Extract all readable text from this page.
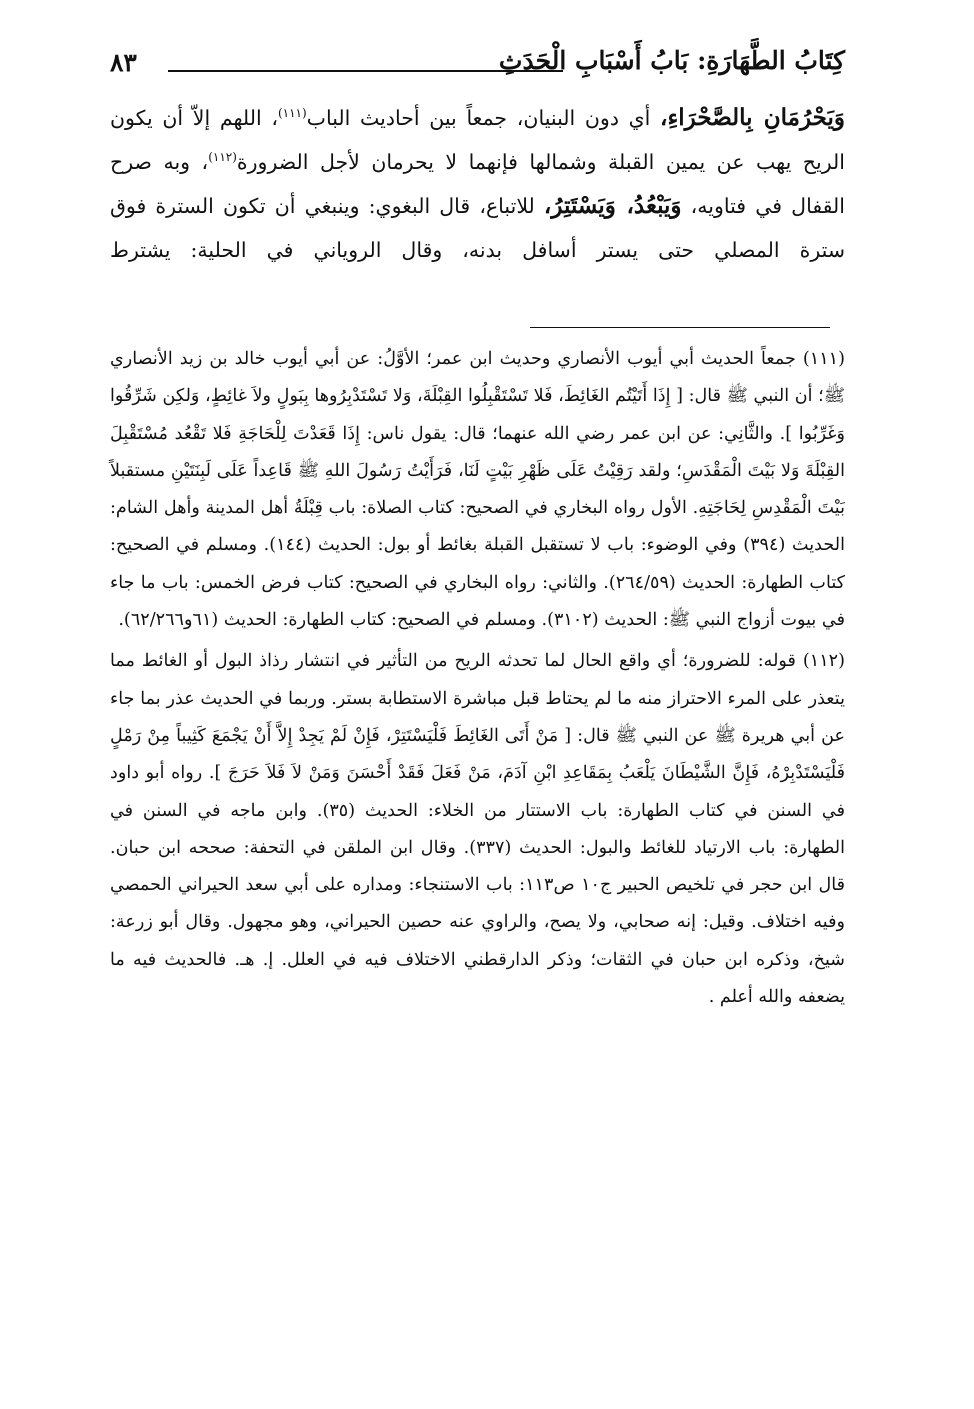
كِتَابُ الطَّهَارَةِ: بَابُ أَسْبَابِ الْحَدَثِ
٨٣

وَيَحْرُمَانِ بِالصَّحْرَاءِ، أي دون البنيان، جمعاً بين أحاديث الباب$^{(١١١)}$، اللهم إلاّ أن يكون الريح يهب عن يمين القبلة وشمالها فإنهما لا يحرمان لأجل الضرورة$^{(١١٢)}$، وبه صرح القفال في فتاويه، وَيَبْعُدُ، وَيَسْتَتِرُ، للاتباع، قال البغوي: وينبغي أن تكون السترة فوق سترة المصلي حتى يستر أسافل بدنه، وقال الروياني في الحلية: يشترط

(١١١) جمعاً الحديث أبي أيوب الأنصاري وحديث ابن عمر؛ الأوَّلُ: عن أبي أيوب خالد بن زيد الأنصاري ﷺ؛ أن النبي ﷺ قال: [ إِذَا أَتَيْتُم الغَائِطَ، فَلا تَسْتَقْبِلُوا القِبْلَةَ، وَلا تَسْتَدْبِرُوها بِبَولٍ ولاَ غائِطٍ، وَلكِن شَرِّقُوا وَغَرِّبُوا ]. والثَّانِي: عن ابن عمر رضي الله عنهما؛ قال: يقول ناس: إِذَا قَعَدْتَ لِلْحَاجَةِ فَلا تَقْعُد مُسْتَقْبِلَ القِبْلَةَ وَلا بَيْتَ الْمَقْدَسِ؛ ولقد رَقِيْتُ عَلَى ظَهْرِ بَيْتٍ لَنَا، فَرَأَيْتُ رَسُولَ اللهِ ﷺ قَاعِداً عَلَى لَبِنَتَيْنِ مستقبلاً بَيْتَ الْمَقْدِسِ لِحَاجَتِهِ. الأول رواه البخاري في الصحيح: كتاب الصلاة: باب قِبْلَةُ أهل المدينة وأهل الشام: الحديث (٣٩٤) وفي الوضوء: باب لا تستقبل القبلة بغائط أو بول: الحديث (١٤٤). ومسلم في الصحيح: كتاب الطهارة: الحديث (٢٦٤/٥٩). والثاني: رواه البخاري في الصحيح: كتاب فرض الخمس: باب ما جاء في بيوت أزواج النبي ﷺ: الحديث (٣١٠٢). ومسلم في الصحيح: كتاب الطهارة: الحديث (٦١و٦٢/٢٦٦).

(١١٢) قوله: للضرورة؛ أي واقع الحال لما تحدثه الريح من التأثير في انتشار رذاذ البول أو الغائط مما يتعذر على المرء الاحتراز منه ما لم يحتاط قبل مباشرة الاستطابة بستر. وربما في الحديث عذر بما جاء عن أبي هريرة ﷺ عن النبي ﷺ قال: [ مَنْ أَتَى الغَائِطَ فَلْيَسْتَتِرْ، فَإِنْ لَمْ يَجِدْ إِلاَّ أَنْ يَجْمَعَ كَثِيباً مِنْ رَمْلٍ فَلْيَسْتَدْبِرْهُ، فَإِنَّ الشَّيْطَانَ يَلْعَبُ بِمَقَاعِدِ ابْنِ آدَمَ، مَنْ فَعَلَ فَقَدْ أَحْسَنَ وَمَنْ لاَ فَلاَ حَرَجَ ]. رواه أبو داود في السنن في كتاب الطهارة: باب الاستتار من الخلاء: الحديث (٣٥). وابن ماجه في السنن في الطهارة: باب الارتياد للغائط والبول: الحديث (٣٣٧). وقال ابن الملقن في التحفة: صححه ابن حبان. قال ابن حجر في تلخيص الحبير ج١٠ ص١١٣: باب الاستنجاء: ومداره على أبي سعد الحيراني الحمصي وفيه اختلاف. وقيل: إنه صحابي، ولا يصح، والراوي عنه حصين الحيراني، وهو مجهول. وقال أبو زرعة: شيخ، وذكره ابن حبان في الثقات؛ وذكر الدارقطني الاختلاف فيه في العلل. إ. هـ. فالحديث فيه ما يضعفه والله أعلم .
